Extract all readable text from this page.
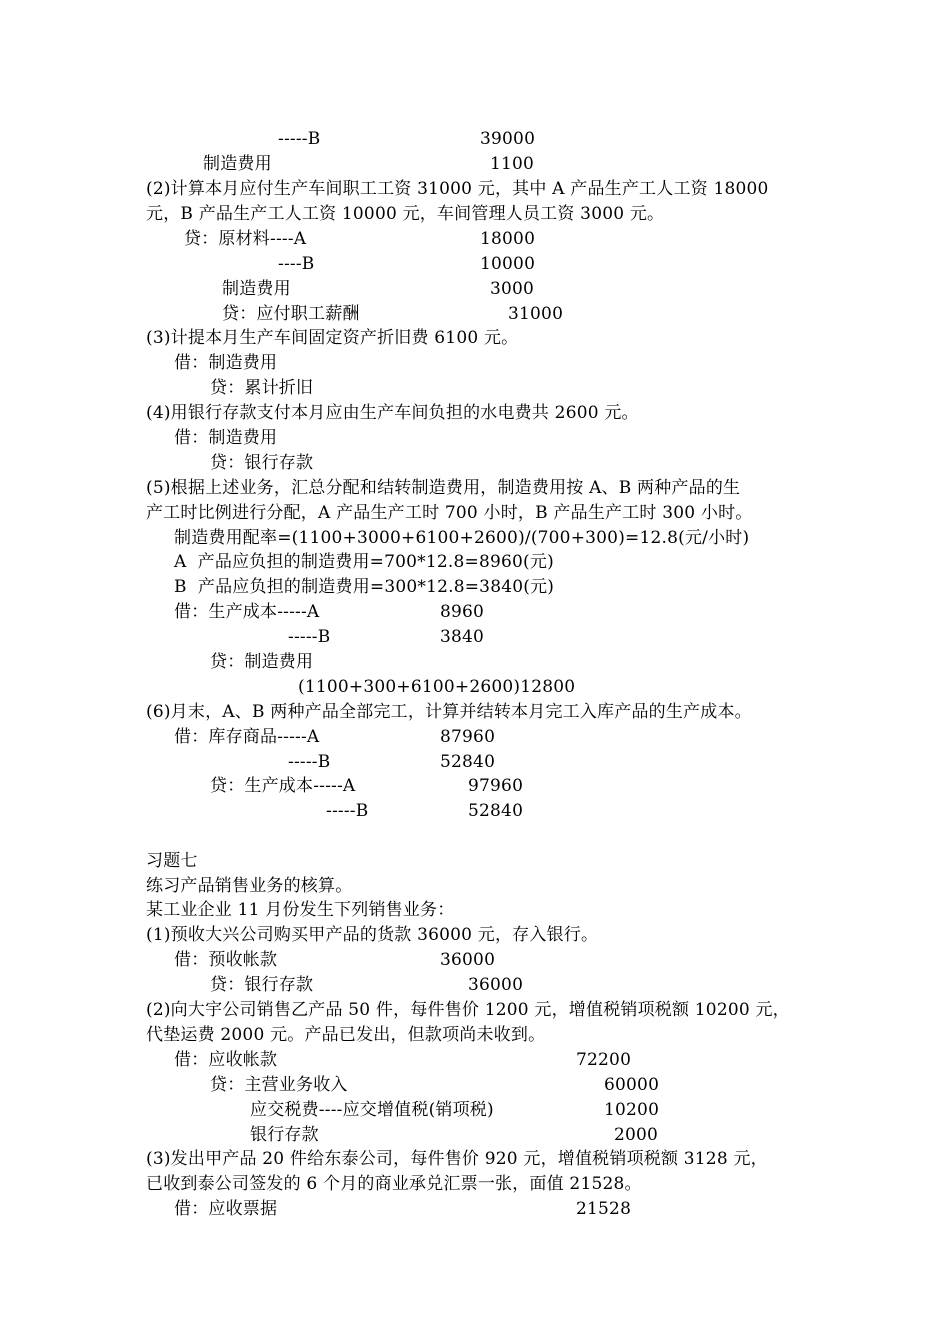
-----B	39000
制造费用	1100
(2)计算本月应付生产车间职工工资 31000 元，其中 A 产品生产工人工资 18000
元，B 产品生产工人工资 10000 元，车间管理人员工资 3000 元。
贷：原材料----A	18000
----B	10000
制造费用	3000
贷：应付职工薪酬	31000
(3)计提本月生产车间固定资产折旧费 6100 元。
借：制造费用
贷：累计折旧
(4)用银行存款支付本月应由生产车间负担的水电费共 2600 元。
借：制造费用
贷：银行存款
(5)根据上述业务，汇总分配和结转制造费用，制造费用按 A、B 两种产品的生
产工时比例进行分配，A 产品生产工时 700 小时，B 产品生产工时 300 小时。
制造费用配率=(1100+3000+6100+2600)/(700+300)=12.8(元/小时)
A  产品应负担的制造费用=700*12.8=8960(元)
B  产品应负担的制造费用=300*12.8=3840(元)
借：生产成本-----A	8960
-----B	3840
贷：制造费用
(1100+300+6100+2600)12800
(6)月末，A、B 两种产品全部完工，计算并结转本月完工入库产品的生产成本。
借：库存商品-----A	87960
-----B	52840
贷：生产成本-----A	97960
-----B	52840
习题七
练习产品销售业务的核算。
某工业企业 11 月份发生下列销售业务：
(1)预收大兴公司购买甲产品的货款 36000 元，存入银行。
借：预收帐款	36000
贷：银行存款	36000
(2)向大宇公司销售乙产品 50 件，每件售价 1200 元，增值税销项税额 10200 元，
代垫运费 2000 元。产品已发出，但款项尚未收到。
借：应收帐款	72200
贷：主营业务收入	60000
应交税费----应交增值税(销项税)	10200
银行存款	2000
(3)发出甲产品 20 件给东泰公司，每件售价 920 元，增值税销项税额 3128 元，
已收到泰公司签发的 6 个月的商业承兑汇票一张，面值 21528。
借：应收票据	21528
